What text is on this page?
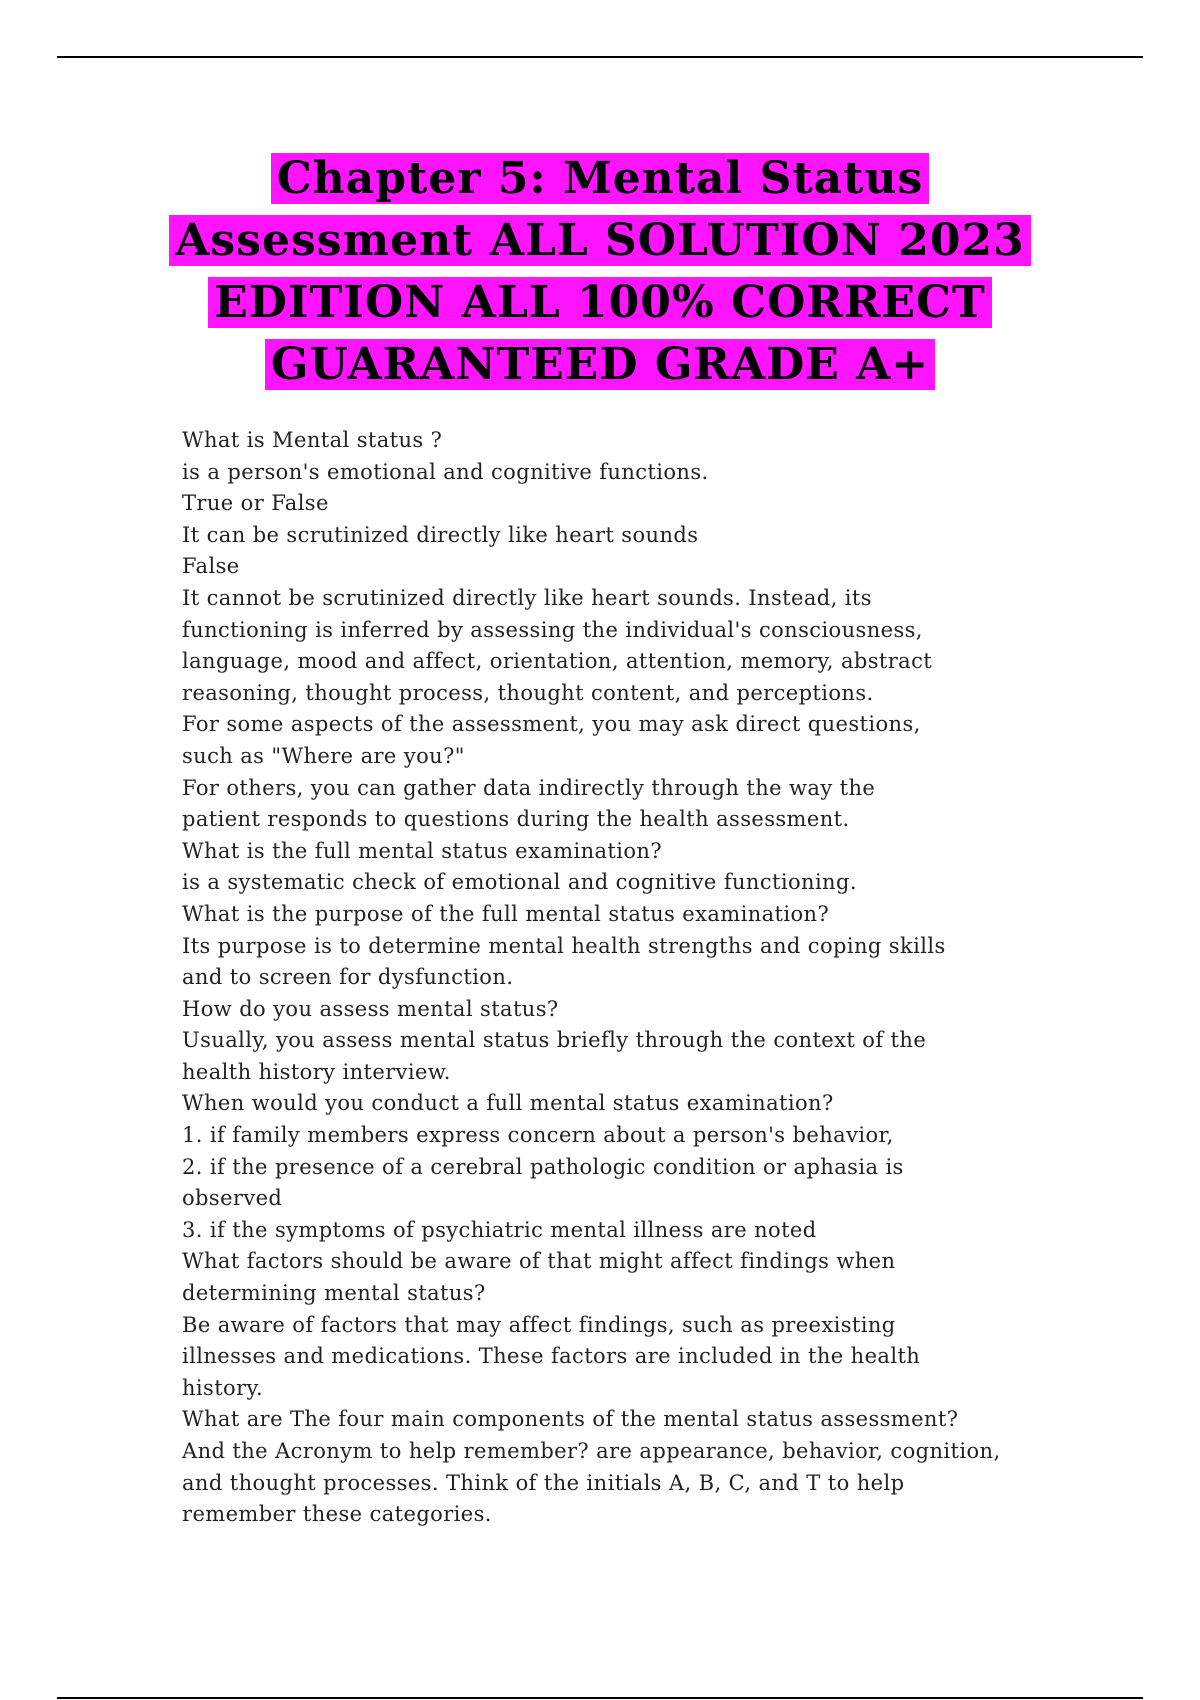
Chapter 5: Mental Status
Assessment ALL SOLUTION 2023
EDITION ALL 100% CORRECT
GUARANTEED GRADE A+
What is Mental status ?
is a person's emotional and cognitive functions.
True or False
It can be scrutinized directly like heart sounds
False
It cannot be scrutinized directly like heart sounds. Instead, its
functioning is inferred by assessing the individual's consciousness,
language, mood and affect, orientation, attention, memory, abstract
reasoning, thought process, thought content, and perceptions.
For some aspects of the assessment, you may ask direct questions,
such as "Where are you?"
For others, you can gather data indirectly through the way the
patient responds to questions during the health assessment.
What is the full mental status examination?
is a systematic check of emotional and cognitive functioning.
What is the purpose of the full mental status examination?
Its purpose is to determine mental health strengths and coping skills
and to screen for dysfunction.
How do you assess mental status?
Usually, you assess mental status briefly through the context of the
health history interview.
When would you conduct a full mental status examination?
1. if family members express concern about a person's behavior,
2. if the presence of a cerebral pathologic condition or aphasia is
observed
3. if the symptoms of psychiatric mental illness are noted
What factors should be aware of that might affect findings when
determining mental status?
Be aware of factors that may affect findings, such as preexisting
illnesses and medications. These factors are included in the health
history.
What are The four main components of the mental status assessment?
And the Acronym to help remember? are appearance, behavior, cognition,
and thought processes. Think of the initials A, B, C, and T to help
remember these categories.
